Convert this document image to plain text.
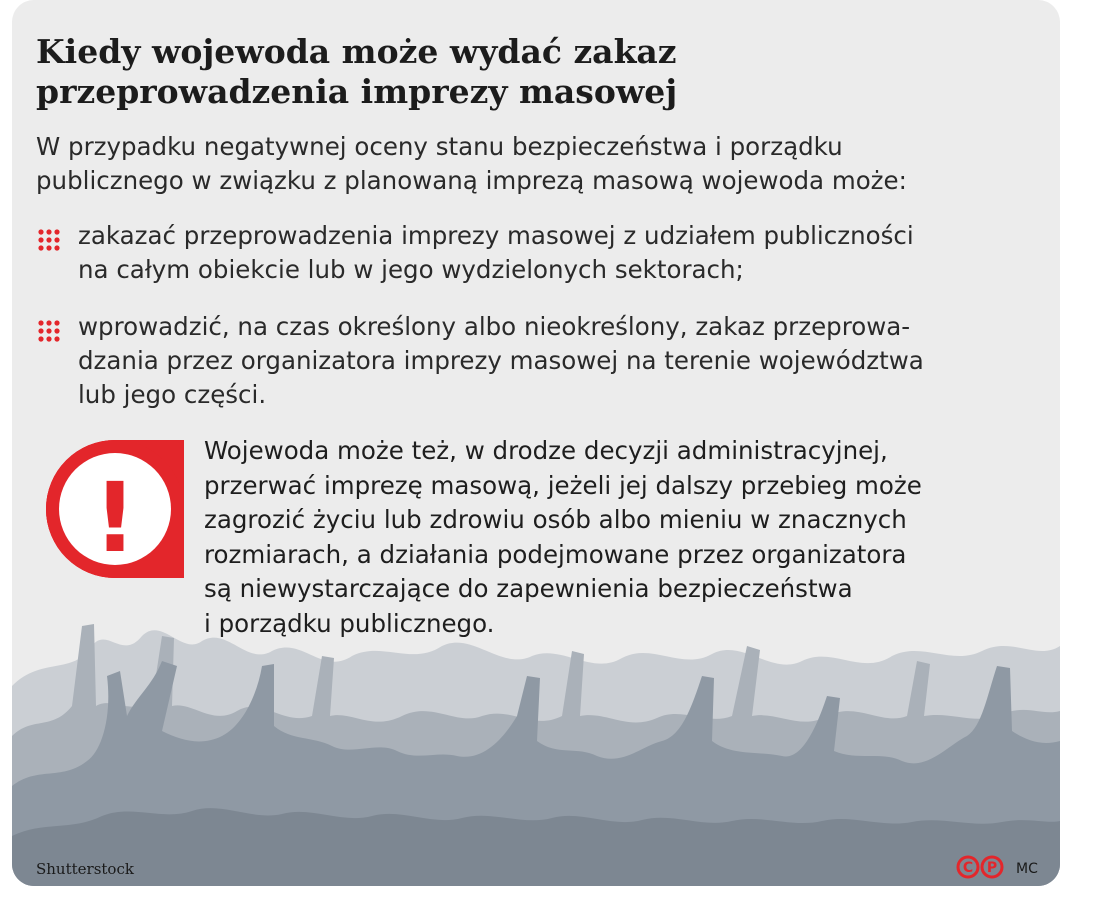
Kiedy wojewoda może wydać zakaz
przeprowadzenia imprezy masowej

W przypadku negatywnej oceny stanu bezpieczeństwa i porządku
publicznego w związku z planowaną imprezą masową wojewoda może:

zakazać przeprowadzenia imprezy masowej z udziałem publiczności
na całym obiekcie lub w jego wydzielonych sektorach;
wprowadzić, na czas określony albo nieokreślony, zakaz przeprowa-
dzania przez organizatora imprezy masowej na terenie województwa
lub jego części.
!
Wojewoda może też, w drodze decyzji administracyjnej,
przerwać imprezę masową, jeżeli jej dalszy przebieg może
zagrozić życiu lub zdrowiu osób albo mieniu w znacznych
rozmiarach, a działania podejmowane przez organizatora
są niewystarczające do zapewnienia bezpieczeństwa
i porządku publicznego.
Shutterstock	C P MC
